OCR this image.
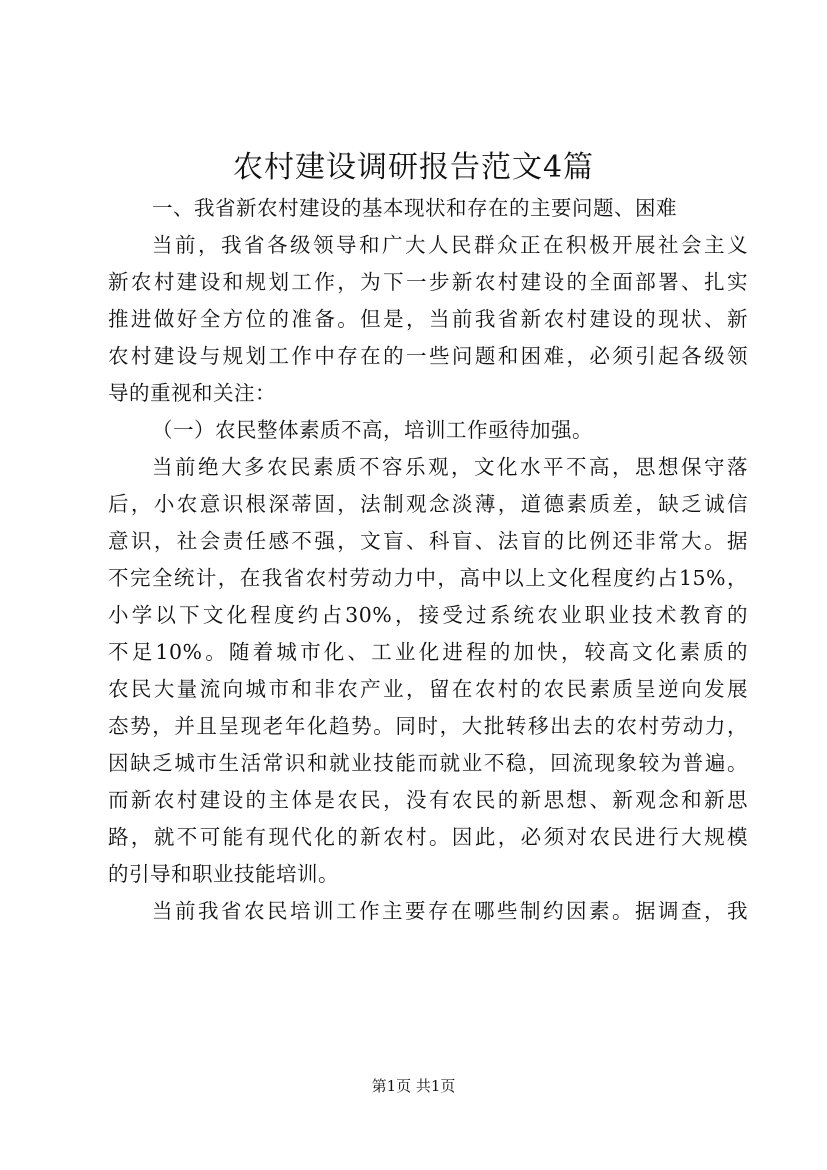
农村建设调研报告范文4篇
一、我省新农村建设的基本现状和存在的主要问题、困难
当前，我省各级领导和广大人民群众正在积极开展社会主义
新农村建设和规划工作，为下一步新农村建设的全面部署、扎实
推进做好全方位的准备。但是，当前我省新农村建设的现状、新
农村建设与规划工作中存在的一些问题和困难，必须引起各级领
导的重视和关注：
（一）农民整体素质不高，培训工作亟待加强。
当前绝大多农民素质不容乐观，文化水平不高，思想保守落
后，小农意识根深蒂固，法制观念淡薄，道德素质差，缺乏诚信
意识，社会责任感不强，文盲、科盲、法盲的比例还非常大。据
不完全统计，在我省农村劳动力中，高中以上文化程度约占15%，
小学以下文化程度约占30%，接受过系统农业职业技术教育的
不足10%。随着城市化、工业化进程的加快，较高文化素质的
农民大量流向城市和非农产业，留在农村的农民素质呈逆向发展
态势，并且呈现老年化趋势。同时，大批转移出去的农村劳动力，
因缺乏城市生活常识和就业技能而就业不稳，回流现象较为普遍。
而新农村建设的主体是农民，没有农民的新思想、新观念和新思
路，就不可能有现代化的新农村。因此，必须对农民进行大规模
的引导和职业技能培训。
当前我省农民培训工作主要存在哪些制约因素。据调查，我
第1页 共1页
